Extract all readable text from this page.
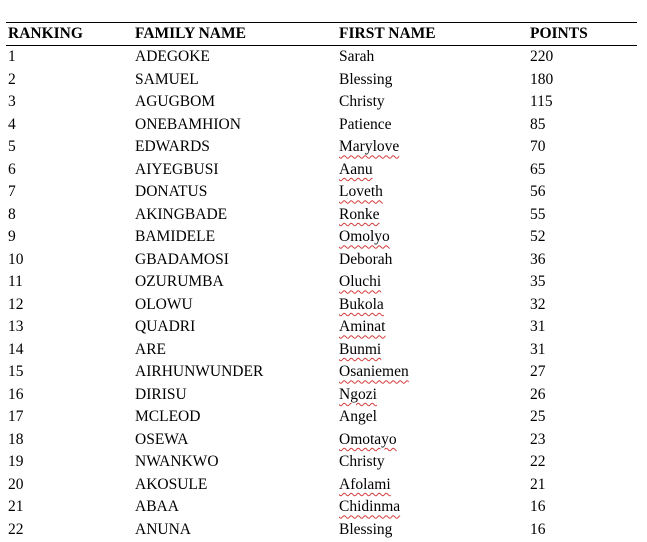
RANKING	FAMILY NAME	FIRST NAME	POINTS
1	ADEGOKE	Sarah	220
2	SAMUEL	Blessing	180
3	AGUGBOM	Christy	115
4	ONEBAMHION	Patience	85
5	EDWARDS	Marylove	70
6	AIYEGBUSI	Aanu	65
7	DONATUS	Loveth	56
8	AKINGBADE	Ronke	55
9	BAMIDELE	Omolyo	52
10	GBADAMOSI	Deborah	36
11	OZURUMBA	Oluchi	35
12	OLOWU	Bukola	32
13	QUADRI	Aminat	31
14	ARE	Bunmi	31
15	AIRHUNWUNDER	Osaniemen	27
16	DIRISU	Ngozi	26
17	MCLEOD	Angel	25
18	OSEWA	Omotayo	23
19	NWANKWO	Christy	22
20	AKOSULE	Afolami	21
21	ABAA	Chidinma	16
22	ANUNA	Blessing	16
